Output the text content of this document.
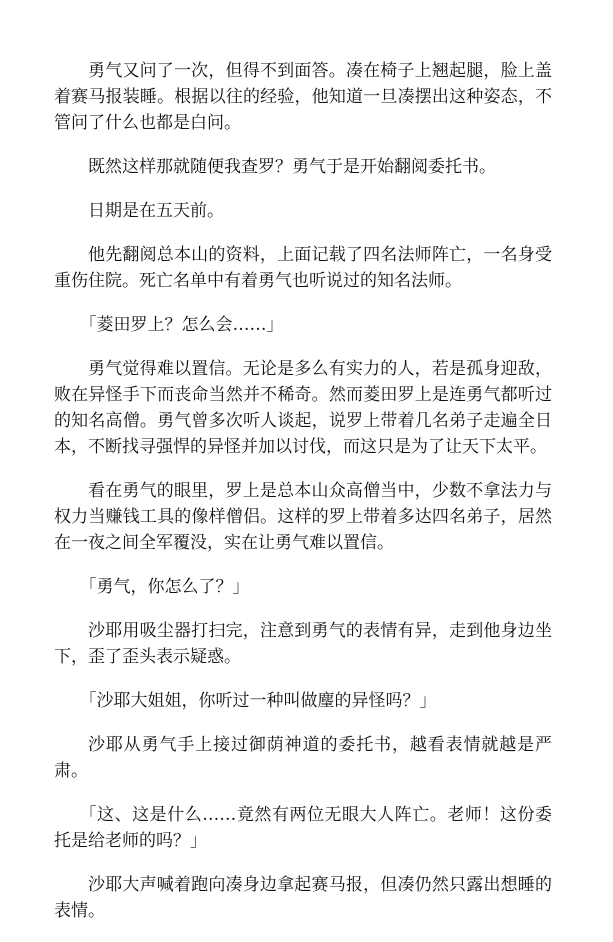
勇气又问了一次，但得不到面答。凑在椅子上翘起腿，脸上盖着赛马报装睡。根据以往的经验，他知道一旦凑摆出这种姿态，不管问了什么也都是白问。

既然这样那就随便我查罗？勇气于是开始翻阅委托书。

日期是在五天前。

他先翻阅总本山的资料，上面记载了四名法师阵亡，一名身受重伤住院。死亡名单中有着勇气也听说过的知名法师。

「菱田罗上？怎么会……」

勇气觉得难以置信。无论是多么有实力的人，若是孤身迎敌，败在异怪手下而丧命当然并不稀奇。然而菱田罗上是连勇气都听过的知名高僧。勇气曾多次听人谈起，说罗上带着几名弟子走遍全日本，不断找寻强悍的异怪并加以讨伐，而这只是为了让天下太平。

看在勇气的眼里，罗上是总本山众高僧当中，少数不拿法力与权力当赚钱工具的像样僧侣。这样的罗上带着多达四名弟子，居然在一夜之间全军覆没，实在让勇气难以置信。

「勇气，你怎么了？」

沙耶用吸尘器打扫完，注意到勇气的表情有异，走到他身边坐下，歪了歪头表示疑惑。

「沙耶大姐姐，你听过一种叫做麈的异怪吗？」

沙耶从勇气手上接过御荫神道的委托书，越看表情就越是严肃。

「这、这是什么……竟然有两位无眼大人阵亡。老师！这份委托是给老师的吗？」

沙耶大声喊着跑向凑身边拿起赛马报，但凑仍然只露出想睡的表情。
